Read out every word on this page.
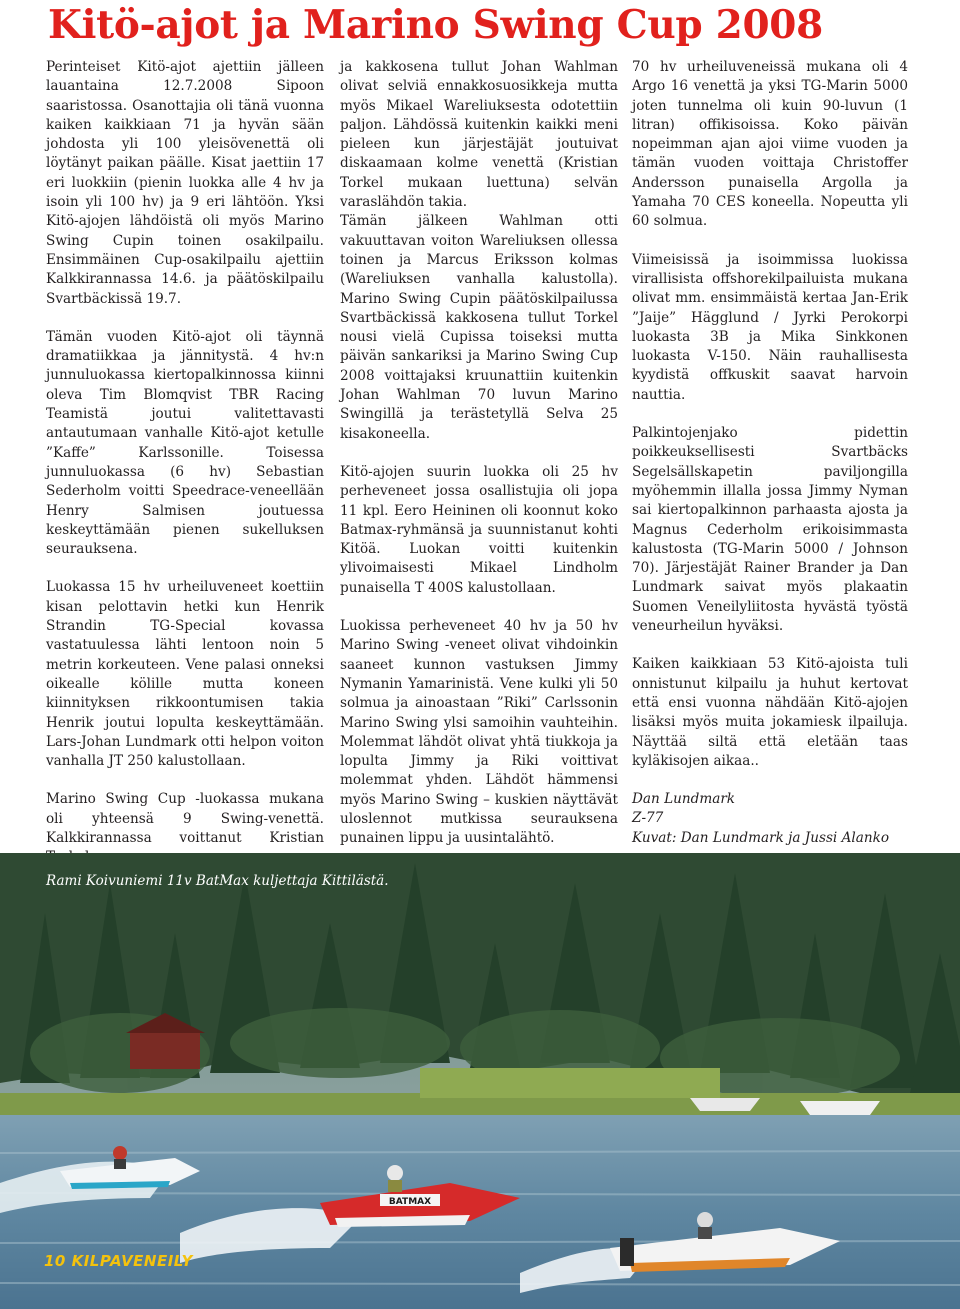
Kitö-ajot ja Marino Swing Cup 2008

Perinteiset Kitö-ajot ajettiin jälleen lauantaina 12.7.2008 Sipoon saaristossa. Osanottajia oli tänä vuonna kaiken kaikkiaan 71 ja hyvän sään johdosta yli 100 yleisövenettä oli löytänyt paikan päälle. Kisat jaettiin 17 eri luokkiin (pienin luokka alle 4 hv ja isoin yli 100 hv) ja 9 eri lähtöön. Yksi Kitö-ajojen lähdöistä oli myös Marino Swing Cupin toinen osakilpailu. Ensimmäinen Cup-osakilpailu ajettiin Kalkkirannassa 14.6. ja päätöskilpailu Svartbäckissä 19.7.

Tämän vuoden Kitö-ajot oli täynnä dramatiikkaa ja jännitystä. 4 hv:n junnuluokassa kiertopalkinnossa kiinni oleva Tim Blomqvist TBR Racing Teamistä joutui valitettavasti antautumaan vanhalle Kitö-ajot ketulle ”Kaffe” Karlssonille. Toisessa junnuluokassa (6 hv) Sebastian Sederholm voitti Speedrace-veneellään Henry Salmisen joutuessa keskeyttämään pienen sukelluksen seurauksena.

Luokassa 15 hv urheiluveneet koettiin kisan pelottavin hetki kun Henrik Strandin TG-Special kovassa vastatuulessa lähti lentoon noin 5 metrin korkeuteen. Vene palasi onneksi oikealle kölille mutta koneen kiinnityksen rikkoontumisen takia Henrik joutui lopulta keskeyttämään. Lars-Johan Lundmark otti helpon voiton vanhalla JT 250 kalustollaan.

Marino Swing Cup -luokassa mukana oli yhteensä 9 Swing-venettä. Kalkkirannassa voittanut Kristian

ja kakkosena tullut Johan Wahlman olivat selviä ennakkosuosikkeja mutta myös Mikael Wareliuksesta odotettiin paljon. Lähdössä kuitenkin kaikki meni pieleen kun järjestäjät joutuivat diskaamaan kolme venettä (Kristian Torkel mukaan luettuna) selvän varaslähdön takia.

Tämän jälkeen Wahlman otti vakuuttavan voiton Wareliuksen ollessa toinen ja Marcus Eriksson kolmas (Wareliuksen vanhalla kalustolla). Marino Swing Cupin päätöskilpailussa Svartbäckissä kakkosena tullut Torkel nousi vielä Cupissa toiseksi mutta päivän sankariksi ja Marino Swing Cup 2008 voittajaksi kruunattiin kuitenkin Johan Wahlman 70 luvun Marino Swingillä ja terästetyllä Selva 25 kisakoneella.

Kitö-ajojen suurin luokka oli 25 hv perheveneet jossa osallistujia oli jopa 11 kpl. Eero Heininen oli koonnut koko Batmax-ryhmänsä ja suunnistanut kohti Kitöä. Luokan voitti kuitenkin ylivoimaisesti Mikael Lindholm punaisella T 400S kalustollaan.

Luokissa perheveneet 40 hv ja 50 hv Marino Swing -veneet olivat vihdoinkin saaneet kunnon vastuksen Jimmy Nymanin Yamarinistä. Vene kulki yli 50 solmua ja ainoastaan ”Riki” Carlssonin Marino Swing ylsi samoihin vauhteihin. Molemmat lähdöt olivat yhtä tiukkoja ja lopulta Jimmy ja Riki voittivat molemmat yhden. Lähdöt hämmensi myös Marino Swing – kuskien näyttävät uloslennot mutkissa seurauksena punainen lippu ja uusintalähtö.

70 hv urheiluveneissä mukana oli 4 Argo 16 venettä ja yksi TG-Marin 5000 joten tunnelma oli kuin 90-luvun (1 litran) offikisoissa. Koko päivän nopeimman ajan ajoi viime vuoden ja tämän vuoden voittaja Christoffer Andersson punaisella Argolla ja Yamaha 70 CES koneella. Nopeutta yli 60 solmua.

Viimeisissä ja isoimmissa luokissa virallisista offshorekilpailuista mukana olivat mm. ensimmäistä kertaa Jan-Erik ”Jaije” Hägglund / Jyrki Perokorpi luokasta 3B ja Mika Sinkkonen luokasta V-150. Näin rauhallisesta kyydistä offkuskit saavat harvoin nauttia.

Palkintojenjako pidettin poikkeuksellisesti Svartbäcks Segelsällskapetin paviljongilla myöhemmin illalla jossa Jimmy Nyman sai kiertopalkinnon parhaasta ajosta ja Magnus Cederholm erikoisimmasta kalustosta (TG-Marin 5000 / Johnson 70). Järjestäjät Rainer Brander ja Dan Lundmark saivat myös plakaatin Suomen Veneilyliitosta hyvästä työstä veneurheilun hyväksi.

Kaiken kaikkiaan 53 Kitö-ajoista tuli onnistunut kilpailu ja huhut kertovat että ensi vuonna nähdään Kitö-ajojen lisäksi myös muita jokamiesk ilpailuja. Näyttää siltä että eletään taas kyläkisojen aikaa..

Dan Lundmark
Z-77
Kuvat: Dan Lundmark ja Jussi Alanko
BATMAX

Rami Koivuniemi 11v BatMax kuljettaja Kittilästä.

10 KILPAVENEILY
